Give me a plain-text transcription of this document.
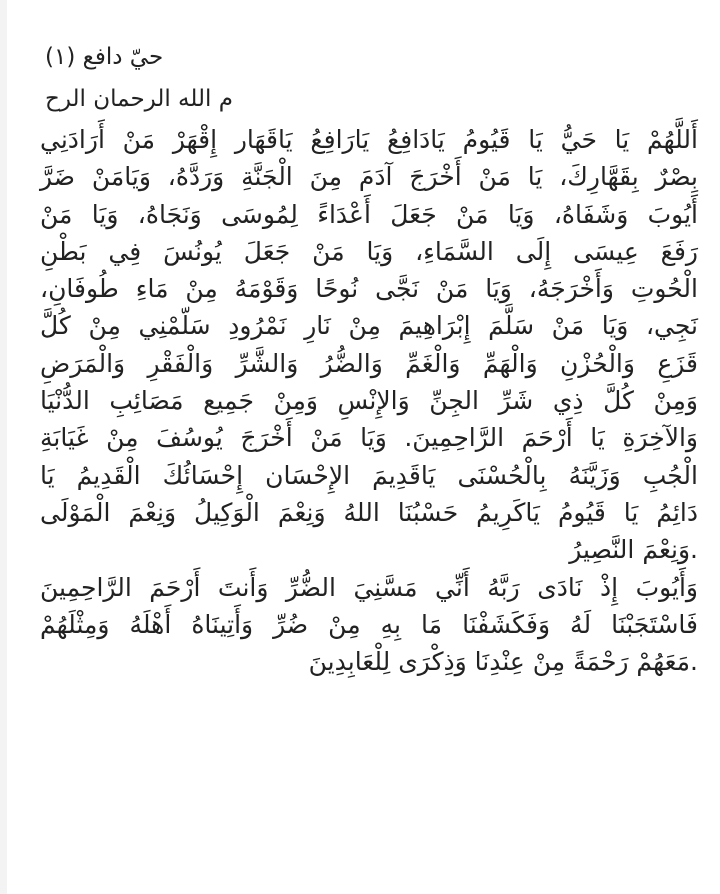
حيّ دافع (١)
م الله الرحمان الرح
أَللَّهُمْ يَا حَيُّ يَا قَيُومُ يَادَافِعُ يَارَافِعُ يَاقَهَار إِقْهَرْ مَنْ أَرَادَنِي
بِصْرٌ بِقَهَّارِكَ، يَا مَنْ أَخْرَجَ آدَمَ مِنَ الْجَنَّةِ وَرَدَّهُ، وَيَامَنْ ضَرَّ
أَيُوبَ وَشَفَاهُ، وَيَا مَنْ جَعَلَ أَعْدَاءً لِمُوسَى وَنَجَاهُ، وَيَا مَنْ
رَفَعَ عِيسَى إِلَى السَّمَاءِ، وَيَا مَنْ جَعَلَ يُونُسَ فِي بَطْنِ
الْحُوتِ وَأَخْرَجَهُ، وَيَا مَنْ نَجَّى نُوحًا وَقَوْمَهُ مِنْ مَاءِ طُوفَانِ،
نَجِي، وَيَا مَنْ سَلَّمَ إِبْرَاهِيمَ مِنْ نَارِ نَمْرُودِ سَلّمْنِي مِنْ كُلَّ
قَزَعِ وَالْحُزْنِ وَالْهَمِّ وَالْغَمِّ وَالضُّرُ وَالشَّرِّ وَالْفَقْرِ وَالْمَرَضِ
وَمِنْ كُلَّ ذِي شَرِّ الجِنِّ وَالإِنْسِ وَمِنْ جَمِيع مَصَائِبِ الدُّنْيَا
وَالآخِرَةِ يَا أَرْحَمَ الرَّاحِمِينَ. وَيَا مَنْ أَخْرَجَ يُوسُفَ مِنْ غَيَابَةِ
الْجُبِ وَزَيَّنَهُ بِالْحُسْنَى يَاقَدِيمَ الإِحْسَان إِحْسَائُكَ الْقَدِيمُ يَا
دَائِمُ يَا قَيُومُ يَاكَرِيمُ حَسْبُنَا اللهُ وَنِعْمَ الْوَكِيلُ وَنِعْمَ الْمَوْلَى
.وَنِعْمَ النَّصِيرُ
وَأَيُوبَ إِذْ نَادَى رَبَّهُ أَنِّي مَسَّنِيَ الضُّرِّ وَأَنتَ أَرْحَمَ الرَّاحِمِينَ
فَاسْتَجَبْنَا لَهُ وَفَكَشَفْنَا مَا بِهِ مِنْ ضُرِّ وَأَتِينَاهُ أَهْلَهُ وَمِثْلَهُمْ
.مَعَهُمْ رَحْمَةً مِنْ عِنْدِنَا وَذِكْرَى لِلْعَابِدِينَ
